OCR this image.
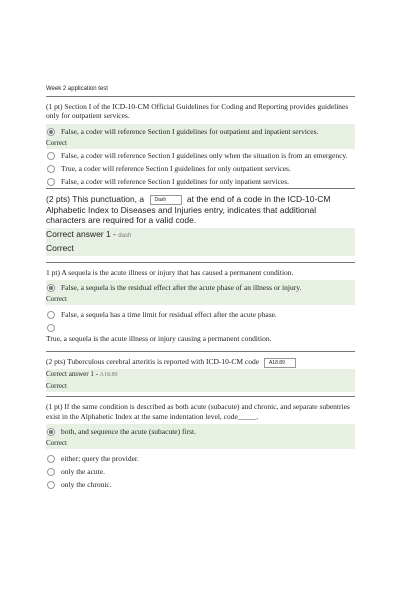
Week 2 application test

(1 pt) Section I of the ICD-10-CM Official Guidelines for Coding and Reporting provides guidelines only for outpatient services.

False, a coder will reference Section I guidelines for outpatient and inpatient services.
Correct
False, a coder will reference Section I guidelines only when the situation is from an emergency.
True, a coder will reference Section I guidelines for only outpatient services.
False, a coder will reference Section I guidelines for only inpatient services.

(2 pts) This punctuation, a Dash at the end of a code in the ICD-10-CM Alphabetic Index to Diseases and Injuries entry, indicates that additional characters are required for a valid code.

Correct answer 1 - dash
Correct

1 pt) A sequela is the acute illness or injury that has caused a permanent condition.

False, a sequela is the residual effect after the acute phase of an illness or injury.
Correct
False, a sequela has a time limit for residual effect after the acute phase.
True, a sequela is the acute illness or injury causing a permanent condition.

(2 pts) Tuberculous cerebral arteritis is reported with ICD-10-CM code A18.89

Correct answer 1 - A18.89
Correct

(1 pt) If the same condition is described as both acute (subacute) and chronic, and separate subentries exist in the Alphabetic Index at the same indentation level, code_____.

both, and sequence the acute (subacute) first.
Correct
either; query the provider.
only the acute.
only the chronic.
